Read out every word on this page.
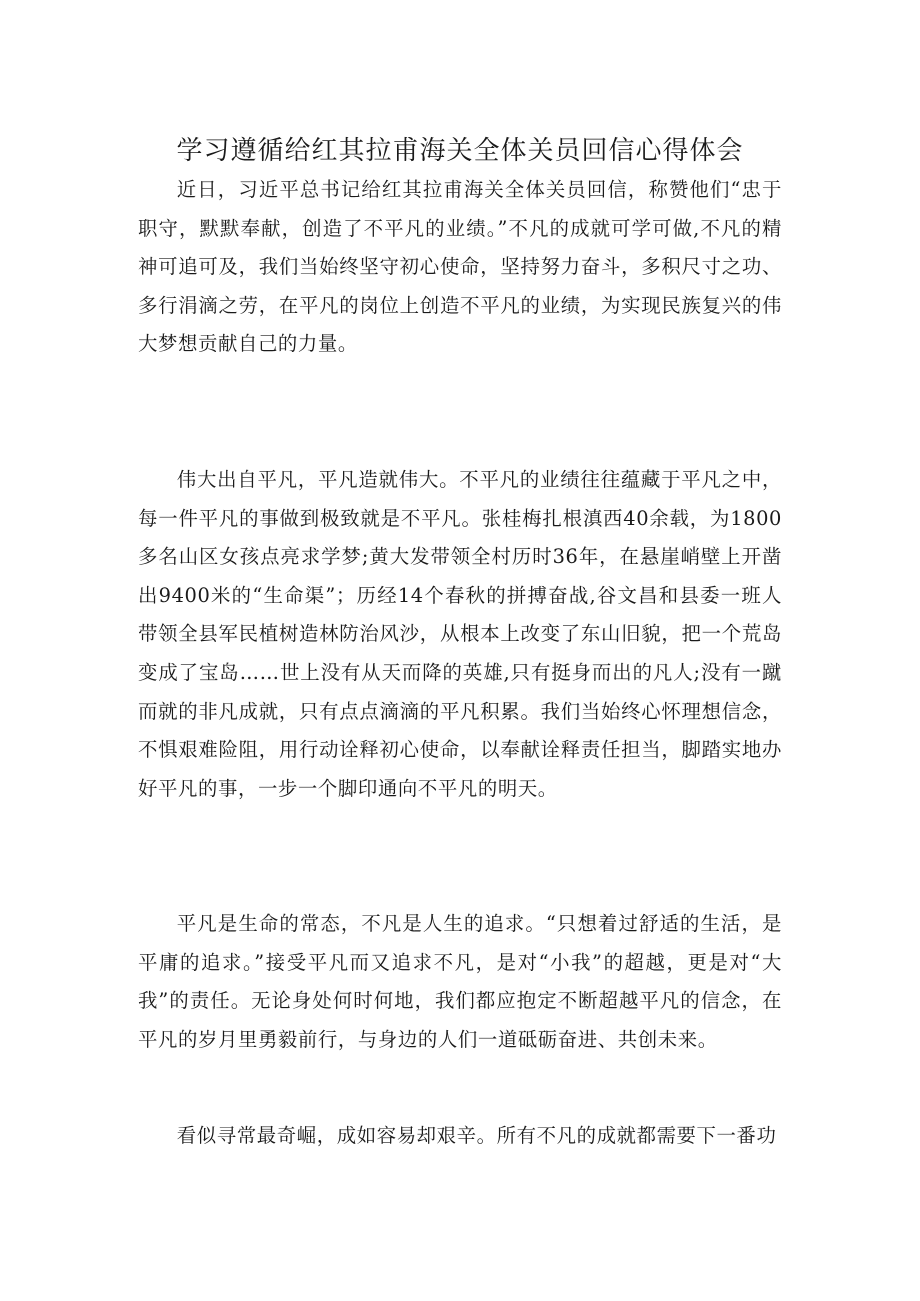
学习遵循给红其拉甫海关全体关员回信心得体会

近日，习近平总书记给红其拉甫海关全体关员回信，称赞他们“忠于职守，默默奉献，创造了不平凡的业绩。”不凡的成就可学可做,不凡的精神可追可及，我们当始终坚守初心使命，坚持努力奋斗，多积尺寸之功、多行涓滴之劳，在平凡的岗位上创造不平凡的业绩，为实现民族复兴的伟大梦想贡献自己的力量。

伟大出自平凡，平凡造就伟大。不平凡的业绩往往蕴藏于平凡之中，每一件平凡的事做到极致就是不平凡。张桂梅扎根滇西40余载，为1800多名山区女孩点亮求学梦;黄大发带领全村历时36年，在悬崖峭壁上开凿出9400米的“生命渠”；历经14个春秋的拼搏奋战,谷文昌和县委一班人带领全县军民植树造林防治风沙，从根本上改变了东山旧貌，把一个荒岛变成了宝岛……世上没有从天而降的英雄,只有挺身而出的凡人;没有一蹴而就的非凡成就，只有点点滴滴的平凡积累。我们当始终心怀理想信念，不惧艰难险阻，用行动诠释初心使命，以奉献诠释责任担当，脚踏实地办好平凡的事，一步一个脚印通向不平凡的明天。

平凡是生命的常态，不凡是人生的追求。“只想着过舒适的生活，是平庸的追求。”接受平凡而又追求不凡，是对“小我”的超越，更是对“大我”的责任。无论身处何时何地，我们都应抱定不断超越平凡的信念，在平凡的岁月里勇毅前行，与身边的人们一道砥砺奋进、共创未来。

看似寻常最奇崛，成如容易却艰辛。所有不凡的成就都需要下一番功
